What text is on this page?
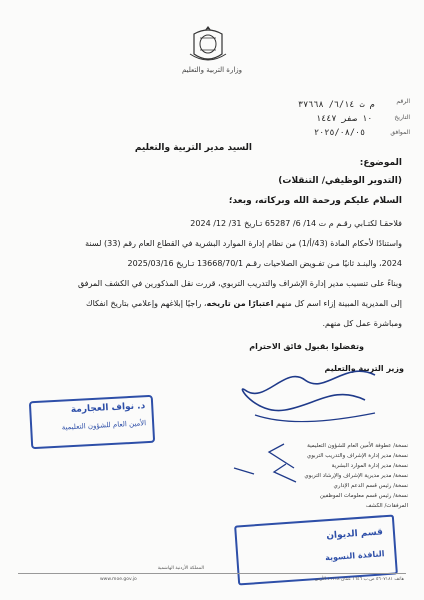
وزارة التربية والتعليم
الرقم
التاريخ
الموافق
م ت ٦/١٤/ ٣٧٦٦٨
١٠ صفر ١٤٤٧
٢٠٢٥/٠٨/٠٥
السيد مدير التربية والتعليم
الموضوع:
(التدوير الوظيفي/ التنقلات)
السلام عليكم ورحمة الله وبركاته، وبعد؛
فلاحقـا لكتـابي رقـم م ت 14/ 6/ 65287 تـاريخ 31/ 12/ 2024
واستنادًا لأحكام المادة (43/أ/1) من نظام إدارة الموارد البشرية في القطاع العام رقم (33) لسنة
2024، والبنـد ثانيًا مـن تفـويض الصلاحيات رقـم 13668/70/1 تـاريخ 2025/03/16
وبناءً على تنسيب مدير إدارة الإشراف والتدريب التربوي، قررت نقل المذكورين في الكشف المرفق
إلى المديرية المبينة إزاء اسم كل منهم اعتبارًا من تاريخه، راجيًا إبلاغهم وإعلامي بتاريخ انفكاك
ومباشرة عمل كل منهم.
وتفضلوا بقبول فائق الاحترام
وزير التربية والتعليم
د. نواف العجارمة
الأمين العام للشؤون التعليمية
نسخة/ عطوفة الأمين العام للشؤون التعليمية
نسخة/ مدير إدارة الإشراف والتدريب التربوي
نسخة/ مدير إدارة الموارد البشرية
نسخة/ مدير مديرية الإشراف والإرشاد التربوي
نسخة/ رئيس قسم الدعم الإداري
نسخة/ رئيس قسم معلومات الموظفين
المرفقات/ الكشف
قسم الديوان
النافذة النسوية
المملكة الأردنية الهاشمية
www.moe.gov.jo	هاتف ٥٦٠٧١٨١ ص.ب ١٦٤٦ عمان ١١١١٨ الأردن
